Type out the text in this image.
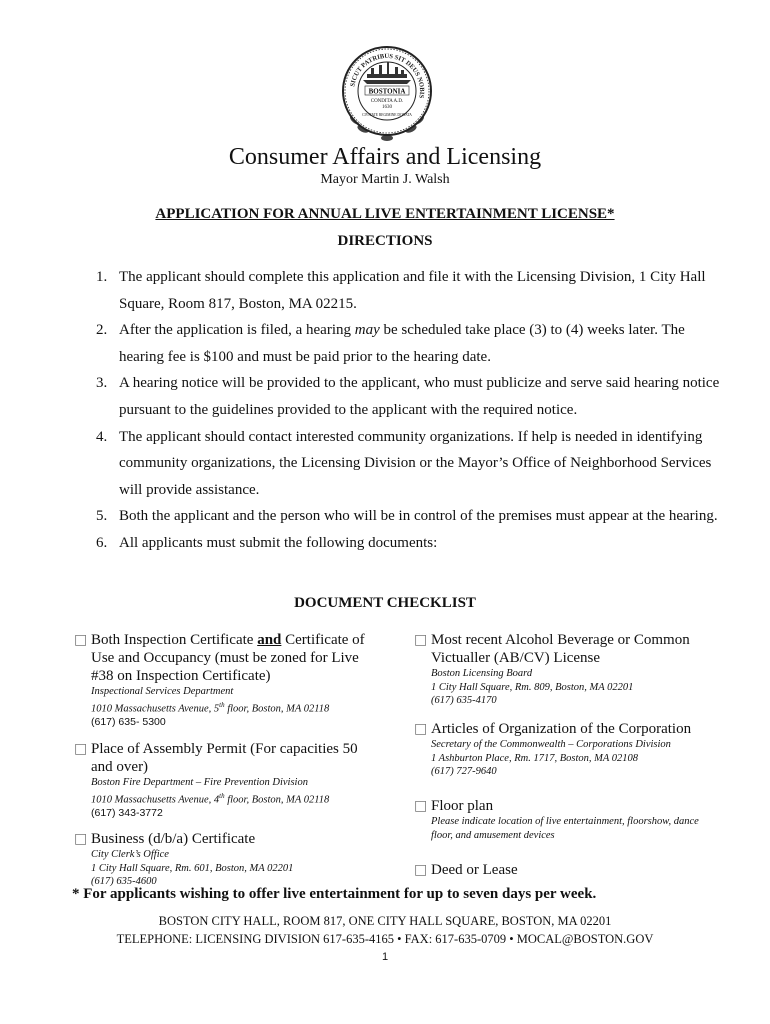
SICUT PATRIBUS SIT DEUS NOBIS
BOSTONIA
CONDITA A.D.
1630
CIVITATE REGIMINE DONATA
Consumer Affairs and Licensing
Mayor Martin J. Walsh
APPLICATION FOR ANNUAL LIVE ENTERTAINMENT LICENSE*
DIRECTIONS
1. The applicant should complete this application and file it with the Licensing Division, 1 City Hall Square, Room 817, Boston, MA 02215.
2. After the application is filed, a hearing may be scheduled take place (3) to (4) weeks later. The hearing fee is $100 and must be paid prior to the hearing date.
3. A hearing notice will be provided to the applicant, who must publicize and serve said hearing notice pursuant to the guidelines provided to the applicant with the required notice.
4. The applicant should contact interested community organizations. If help is needed in identifying community organizations, the Licensing Division or the Mayor’s Office of Neighborhood Services will provide assistance.
5. Both the applicant and the person who will be in control of the premises must appear at the hearing.
6. All applicants must submit the following documents:
DOCUMENT CHECKLIST
□ Both Inspection Certificate and Certificate of Use and Occupancy (must be zoned for Live #38 on Inspection Certificate)
Inspectional Services Department
1010 Massachusetts Avenue, 5th floor, Boston, MA 02118
(617) 635- 5300
□ Place of Assembly Permit (For capacities 50 and over)
Boston Fire Department – Fire Prevention Division
1010 Massachusetts Avenue, 4th floor, Boston, MA 02118
(617) 343-3772
□ Business (d/b/a) Certificate
City Clerk’s Office
1 City Hall Square, Rm. 601, Boston, MA 02201
(617) 635-4600
□ Most recent Alcohol Beverage or Common Victualler (AB/CV) License
Boston Licensing Board
1 City Hall Square, Rm. 809, Boston, MA 02201
(617) 635-4170
□ Articles of Organization of the Corporation
Secretary of the Commonwealth – Corporations Division
1 Ashburton Place, Rm. 1717, Boston, MA 02108
(617) 727-9640
□ Floor plan
Please indicate location of live entertainment, floorshow, dance floor, and amusement devices
□ Deed or Lease
* For applicants wishing to offer live entertainment for up to seven days per week.
BOSTON CITY HALL, ROOM 817, ONE CITY HALL SQUARE, BOSTON, MA 02201
TELEPHONE: LICENSING DIVISION 617-635-4165 • FAX: 617-635-0709 • MOCAL@BOSTON.GOV
1
